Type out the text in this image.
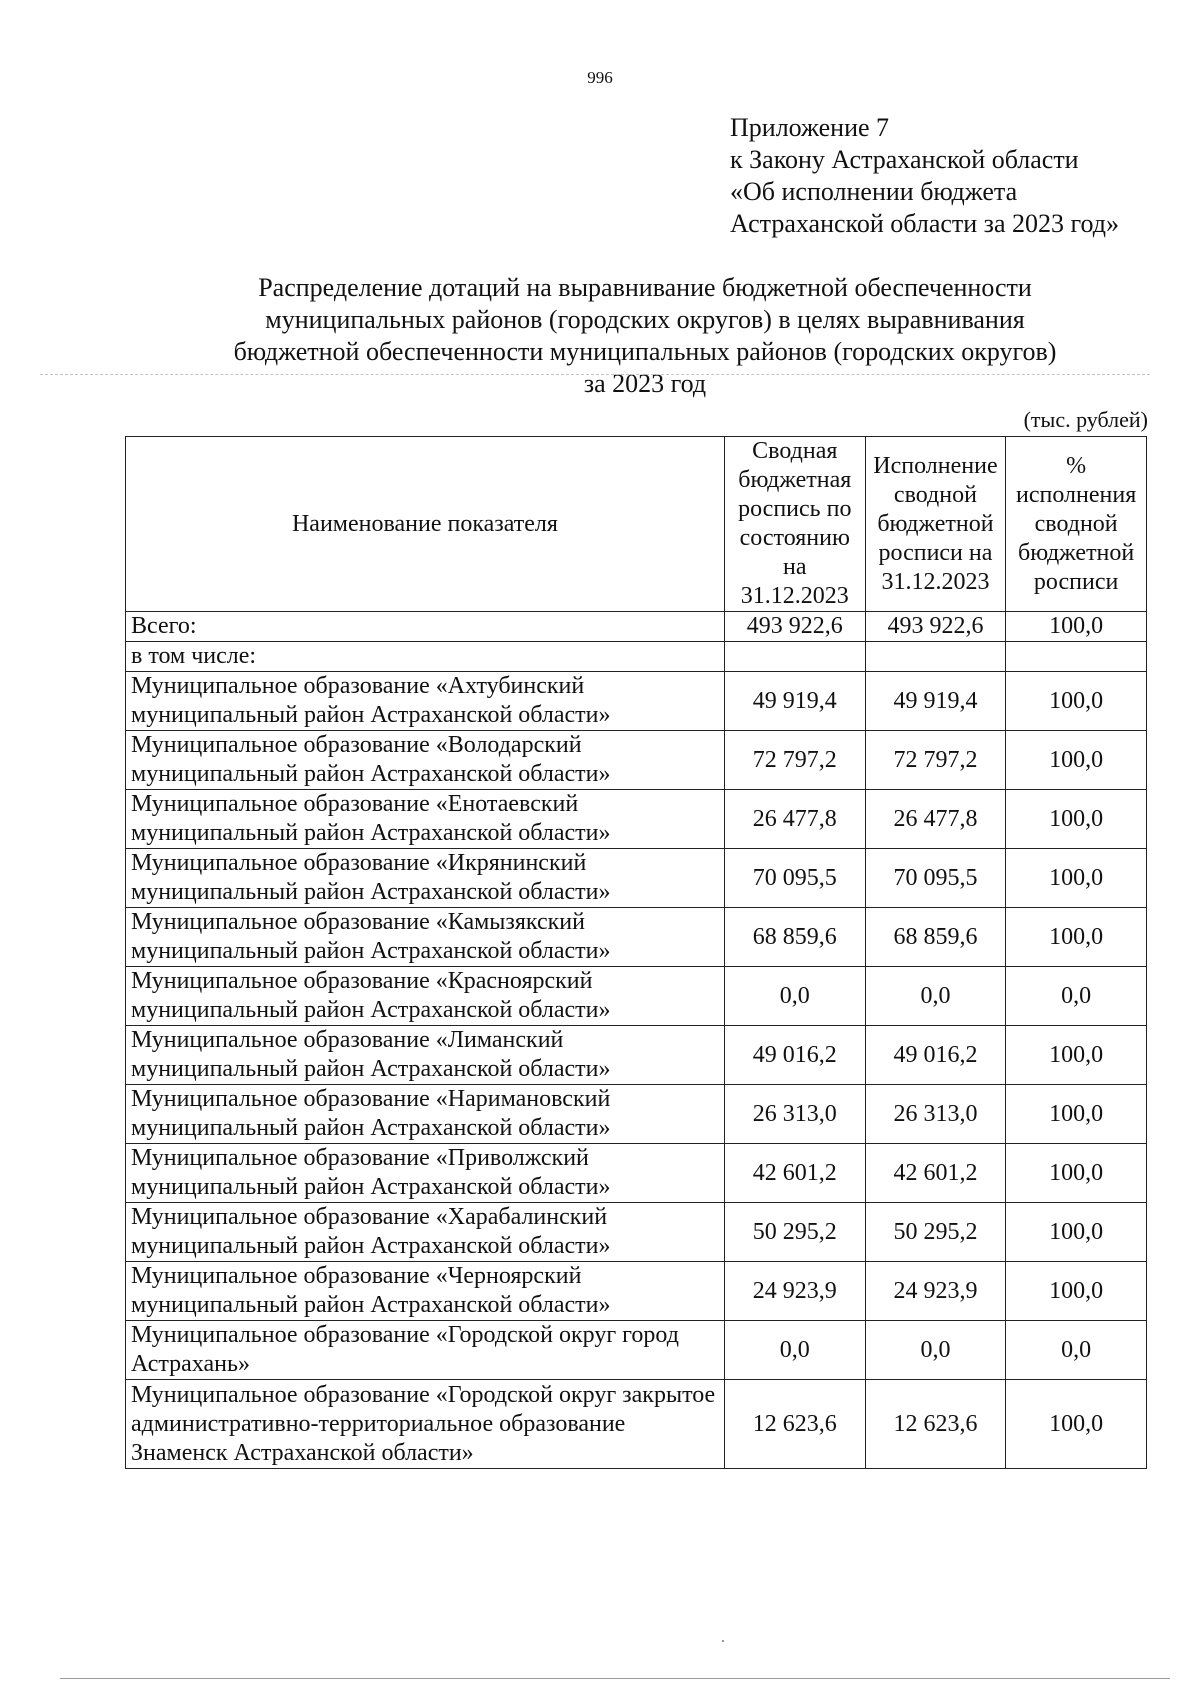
996
Приложение 7
к Закону Астраханской области
«Об исполнении бюджета
Астраханской области за 2023 год»
Распределение дотаций на выравнивание бюджетной обеспеченности
муниципальных районов (городских округов) в целях выравнивания
бюджетной обеспеченности муниципальных районов (городских округов)
за 2023 год
(тыс. рублей)
Наименование показателя	Сводная бюджетная роспись по состоянию на 31.12.2023	Исполнение сводной бюджетной росписи на 31.12.2023	% исполнения сводной бюджетной росписи
Всего:	493 922,6	493 922,6	100,0
в том числе:			
Муниципальное образование «Ахтубинский муниципальный район Астраханской области»	49 919,4	49 919,4	100,0
Муниципальное образование «Володарский муниципальный район Астраханской области»	72 797,2	72 797,2	100,0
Муниципальное образование «Енотаевский муниципальный район Астраханской области»	26 477,8	26 477,8	100,0
Муниципальное образование «Икрянинский муниципальный район Астраханской области»	70 095,5	70 095,5	100,0
Муниципальное образование «Камызякский муниципальный район Астраханской области»	68 859,6	68 859,6	100,0
Муниципальное образование «Красноярский муниципальный район Астраханской области»	0,0	0,0	0,0
Муниципальное образование «Лиманский муниципальный район Астраханской области»	49 016,2	49 016,2	100,0
Муниципальное образование «Наримановский муниципальный район Астраханской области»	26 313,0	26 313,0	100,0
Муниципальное образование «Приволжский муниципальный район Астраханской области»	42 601,2	42 601,2	100,0
Муниципальное образование «Харабалинский муниципальный район Астраханской области»	50 295,2	50 295,2	100,0
Муниципальное образование «Черноярский муниципальный район Астраханской области»	24 923,9	24 923,9	100,0
Муниципальное образование «Городской округ город Астрахань»	0,0	0,0	0,0
Муниципальное образование «Городской округ закрытое административно-территориальное образование Знаменск Астраханской области»	12 623,6	12 623,6	100,0
